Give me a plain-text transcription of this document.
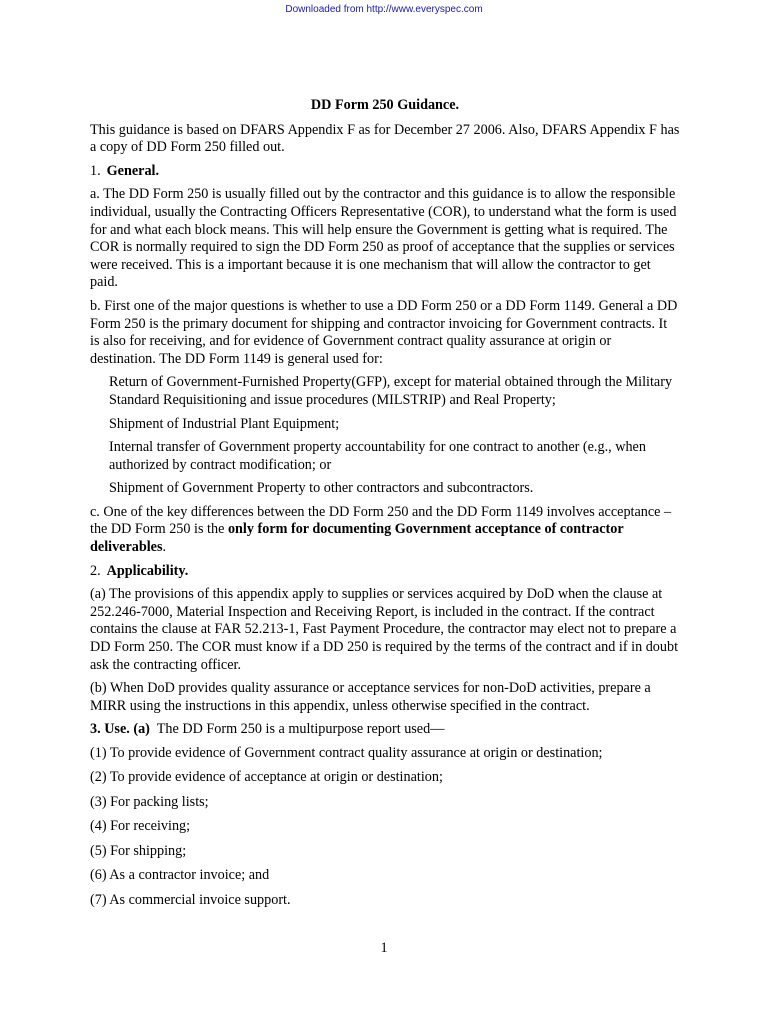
Downloaded from http://www.everyspec.com
DD Form 250 Guidance.

This guidance is based on DFARS Appendix F as for December 27 2006. Also, DFARS Appendix F has a copy of DD Form 250 filled out.

1. General.

a. The DD Form 250 is usually filled out by the contractor and this guidance is to allow the responsible individual, usually the Contracting Officers Representative (COR), to understand what the form is used for and what each block means. This will help ensure the Government is getting what is required. The COR is normally required to sign the DD Form 250 as proof of acceptance that the supplies or services were received. This is a important because it is one mechanism that will allow the contractor to get paid.

b. First one of the major questions is whether to use a DD Form 250 or a DD Form 1149. General a DD Form 250 is the primary document for shipping and contractor invoicing for Government contracts. It is also for receiving, and for evidence of Government contract quality assurance at origin or destination. The DD Form 1149 is general used for:

Return of Government-Furnished Property(GFP), except for material obtained through the Military Standard Requisitioning and issue procedures (MILSTRIP) and Real Property;

Shipment of Industrial Plant Equipment;

Internal transfer of Government property accountability for one contract to another (e.g., when authorized by contract modification; or

Shipment of Government Property to other contractors and subcontractors.

c. One of the key differences between the DD Form 250 and the DD Form 1149 involves acceptance – the DD Form 250 is the only form for documenting Government acceptance of contractor deliverables.

2. Applicability.

(a) The provisions of this appendix apply to supplies or services acquired by DoD when the clause at 252.246-7000, Material Inspection and Receiving Report, is included in the contract. If the contract contains the clause at FAR 52.213-1, Fast Payment Procedure, the contractor may elect not to prepare a DD Form 250. The COR must know if a DD 250 is required by the terms of the contract and if in doubt ask the contracting officer.

(b) When DoD provides quality assurance or acceptance services for non-DoD activities, prepare a MIRR using the instructions in this appendix, unless otherwise specified in the contract.

3. Use. (a) The DD Form 250 is a multipurpose report used—

(1) To provide evidence of Government contract quality assurance at origin or destination;

(2) To provide evidence of acceptance at origin or destination;

(3) For packing lists;

(4) For receiving;

(5) For shipping;

(6) As a contractor invoice; and

(7) As commercial invoice support.

1
